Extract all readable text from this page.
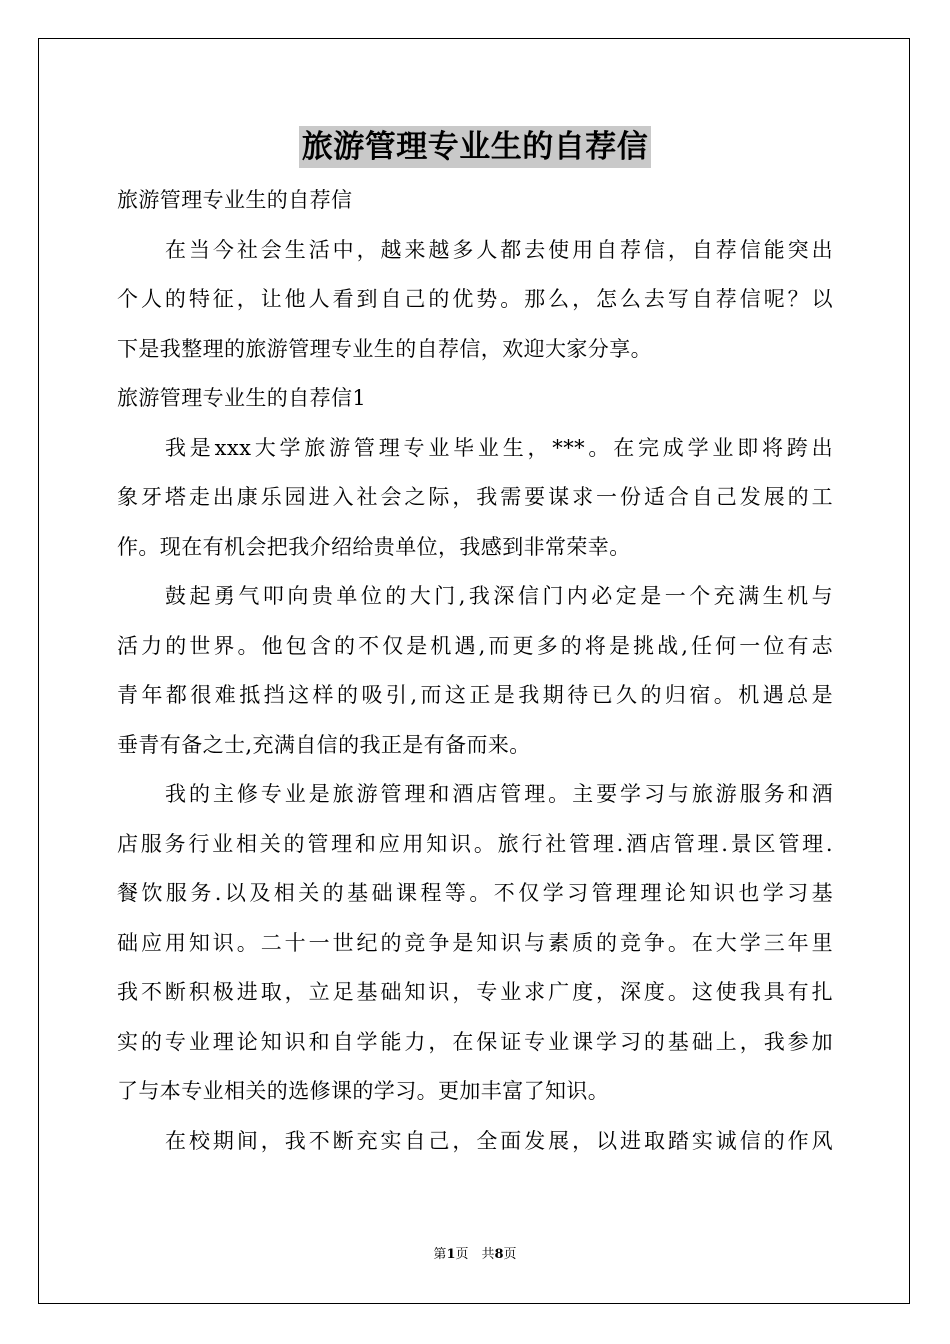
旅游管理专业生的自荐信
旅游管理专业生的自荐信
在当今社会生活中，越来越多人都去使用自荐信，自荐信能突出
个人的特征，让他人看到自己的优势。那么，怎么去写自荐信呢？以
下是我整理的旅游管理专业生的自荐信，欢迎大家分享。
旅游管理专业生的自荐信1
我是xxx大学旅游管理专业毕业生，***。在完成学业即将跨出
象牙塔走出康乐园进入社会之际，我需要谋求一份适合自己发展的工
作。现在有机会把我介绍给贵单位，我感到非常荣幸。
鼓起勇气叩向贵单位的大门,我深信门内必定是一个充满生机与
活力的世界。他包含的不仅是机遇,而更多的将是挑战,任何一位有志
青年都很难抵挡这样的吸引,而这正是我期待已久的归宿。机遇总是
垂青有备之士,充满自信的我正是有备而来。
我的主修专业是旅游管理和酒店管理。主要学习与旅游服务和酒
店服务行业相关的管理和应用知识。旅行社管理.酒店管理.景区管理.
餐饮服务.以及相关的基础课程等。不仅学习管理理论知识也学习基
础应用知识。二十一世纪的竞争是知识与素质的竞争。在大学三年里
我不断积极进取，立足基础知识，专业求广度，深度。这使我具有扎
实的专业理论知识和自学能力，在保证专业课学习的基础上，我参加
了与本专业相关的选修课的学习。更加丰富了知识。
在校期间，我不断充实自己，全面发展，以进取踏实诚信的作风
第1页　共8页
